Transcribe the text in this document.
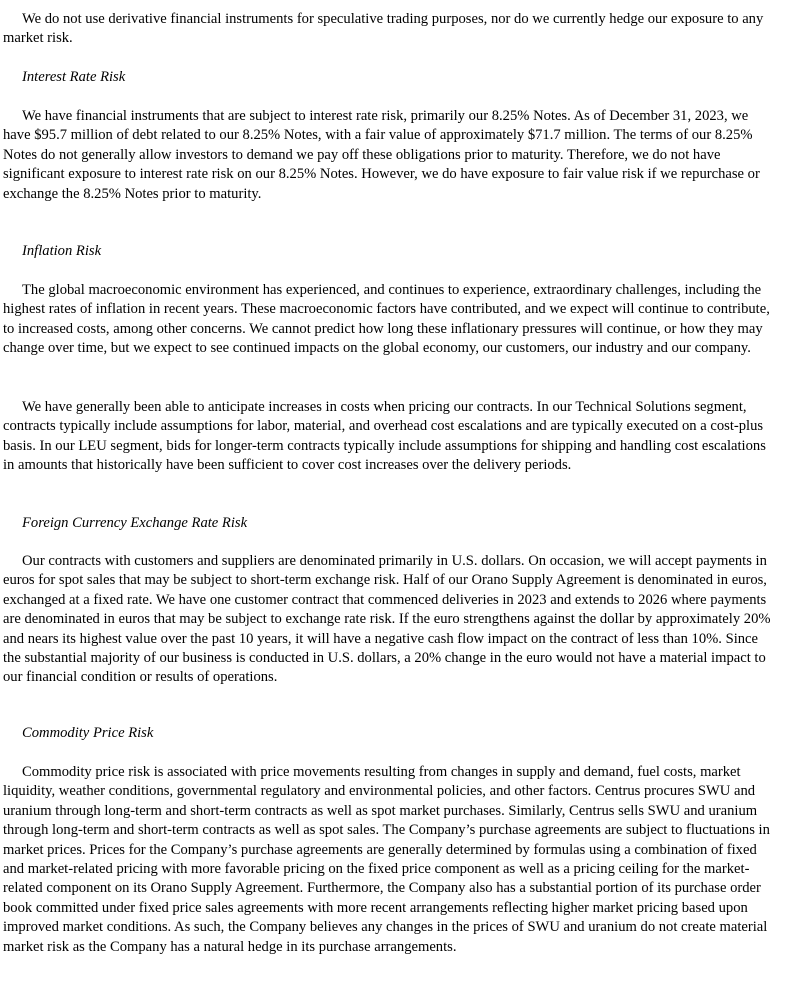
We do not use derivative financial instruments for speculative trading purposes, nor do we currently hedge our exposure to any market risk.

Interest Rate Risk

We have financial instruments that are subject to interest rate risk, primarily our 8.25% Notes. As of December 31, 2023, we have $95.7 million of debt related to our 8.25% Notes, with a fair value of approximately $71.7 million. The terms of our 8.25% Notes do not generally allow investors to demand we pay off these obligations prior to maturity. Therefore, we do not have significant exposure to interest rate risk on our 8.25% Notes. However, we do have exposure to fair value risk if we repurchase or exchange the 8.25% Notes prior to maturity.

Inflation Risk

The global macroeconomic environment has experienced, and continues to experience, extraordinary challenges, including the highest rates of inflation in recent years. These macroeconomic factors have contributed, and we expect will continue to contribute, to increased costs, among other concerns. We cannot predict how long these inflationary pressures will continue, or how they may change over time, but we expect to see continued impacts on the global economy, our customers, our industry and our company.

We have generally been able to anticipate increases in costs when pricing our contracts. In our Technical Solutions segment, contracts typically include assumptions for labor, material, and overhead cost escalations and are typically executed on a cost-plus basis. In our LEU segment, bids for longer-term contracts typically include assumptions for shipping and handling cost escalations in amounts that historically have been sufficient to cover cost increases over the delivery periods.

Foreign Currency Exchange Rate Risk

Our contracts with customers and suppliers are denominated primarily in U.S. dollars. On occasion, we will accept payments in euros for spot sales that may be subject to short-term exchange risk. Half of our Orano Supply Agreement is denominated in euros, exchanged at a fixed rate. We have one customer contract that commenced deliveries in 2023 and extends to 2026 where payments are denominated in euros that may be subject to exchange rate risk. If the euro strengthens against the dollar by approximately 20% and nears its highest value over the past 10 years, it will have a negative cash flow impact on the contract of less than 10%. Since the substantial majority of our business is conducted in U.S. dollars, a 20% change in the euro would not have a material impact to our financial condition or results of operations.

Commodity Price Risk

Commodity price risk is associated with price movements resulting from changes in supply and demand, fuel costs, market liquidity, weather conditions, governmental regulatory and environmental policies, and other factors. Centrus procures SWU and uranium through long-term and short-term contracts as well as spot market purchases. Similarly, Centrus sells SWU and uranium through long-term and short-term contracts as well as spot sales. The Company’s purchase agreements are subject to fluctuations in market prices. Prices for the Company’s purchase agreements are generally determined by formulas using a combination of fixed and market-related pricing with more favorable pricing on the fixed price component as well as a pricing ceiling for the market-related component on its Orano Supply Agreement. Furthermore, the Company also has a substantial portion of its purchase order book committed under fixed price sales agreements with more recent arrangements reflecting higher market pricing based upon improved market conditions. As such, the Company believes any changes in the prices of SWU and uranium do not create material market risk as the Company has a natural hedge in its purchase arrangements.
